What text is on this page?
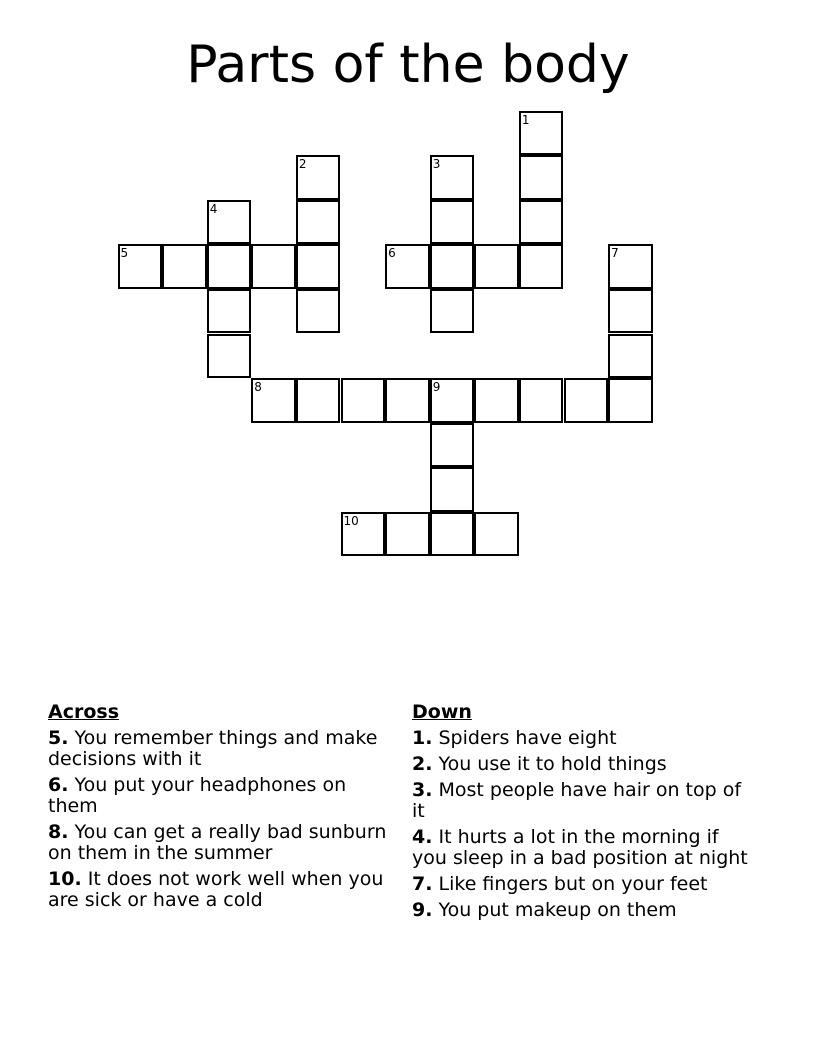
Parts of the body
1
2	3
4
5	6	7
8	9
10
Across
5. You remember things and make decisions with it
6. You put your headphones on them
8. You can get a really bad sunburn on them in the summer
10. It does not work well when you are sick or have a cold
Down
1. Spiders have eight
2. You use it to hold things
3. Most people have hair on top of it
4. It hurts a lot in the morning if you sleep in a bad position at night
7. Like fingers but on your feet
9. You put makeup on them
